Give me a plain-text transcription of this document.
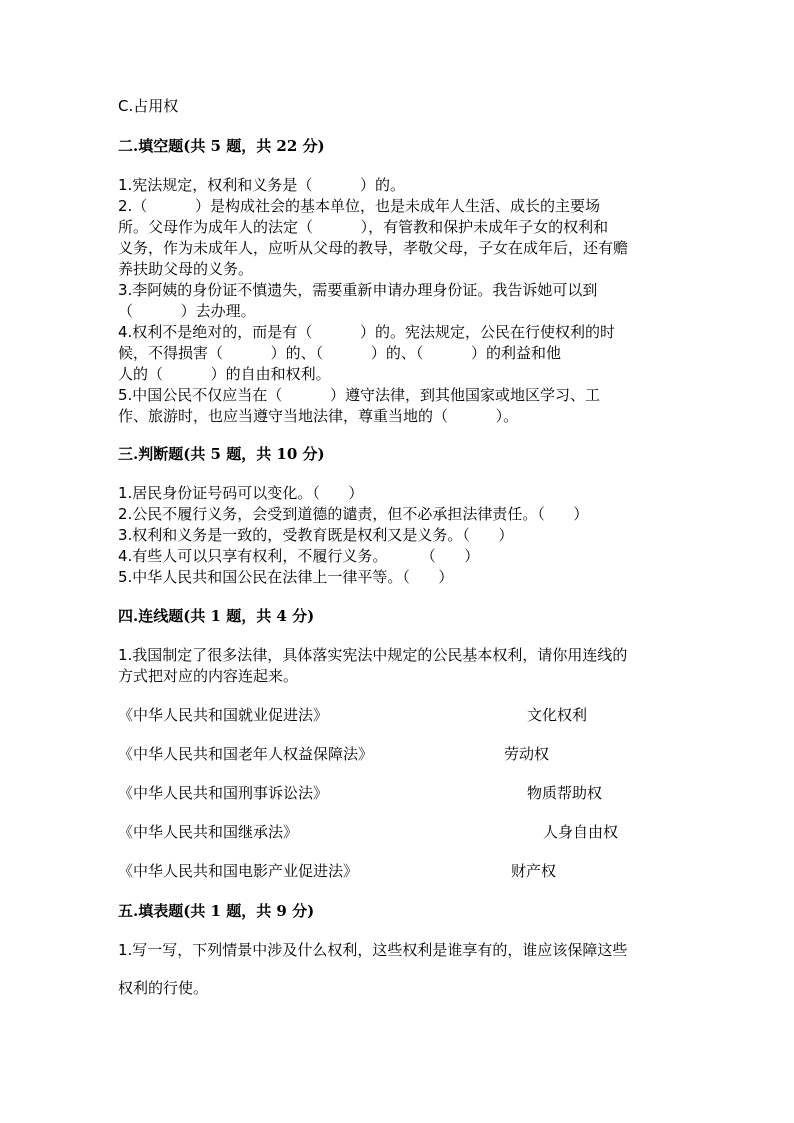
C.占用权
二.填空题(共 5 题，共 22 分)
1.宪法规定，权利和义务是（          ）的。
2.（          ）是构成社会的基本单位，也是未成年人生活、成长的主要场
所。父母作为成年人的法定（          ），有管教和保护未成年子女的权利和
义务，作为未成年人，应听从父母的教导，孝敬父母，子女在成年后，还有赡
养扶助父母的义务。
3.李阿姨的身份证不慎遗失，需要重新申请办理身份证。我告诉她可以到
（          ）去办理。
4.权利不是绝对的，而是有（          ）的。宪法规定，公民在行使权利的时
候，不得损害（          ）的、（          ）的、（          ）的利益和他
人的（          ）的自由和权利。
5.中国公民不仅应当在（          ）遵守法律，到其他国家或地区学习、工
作、旅游时，也应当遵守当地法律，尊重当地的（          ）。
三.判断题(共 5 题，共 10 分)
1.居民身份证号码可以变化。（      ）
2.公民不履行义务，会受到道德的谴责，但不必承担法律责任。（      ）
3.权利和义务是一致的，受教育既是权利又是义务。（      ）
4.有些人可以只享有权利，不履行义务。       （      ）
5.中华人民共和国公民在法律上一律平等。（      ）
四.连线题(共 1 题，共 4 分)
1.我国制定了很多法律，具体落实宪法中规定的公民基本权利，请你用连线的
方式把对应的内容连起来。
《中华人民共和国就业促进法》	文化权利
《中华人民共和国老年人权益保障法》	劳动权
《中华人民共和国刑事诉讼法》	物质帮助权
《中华人民共和国继承法》	人身自由权
《中华人民共和国电影产业促进法》	财产权
五.填表题(共 1 题，共 9 分)
1.写一写，下列情景中涉及什么权利，这些权利是谁享有的，谁应该保障这些
权利的行使。
